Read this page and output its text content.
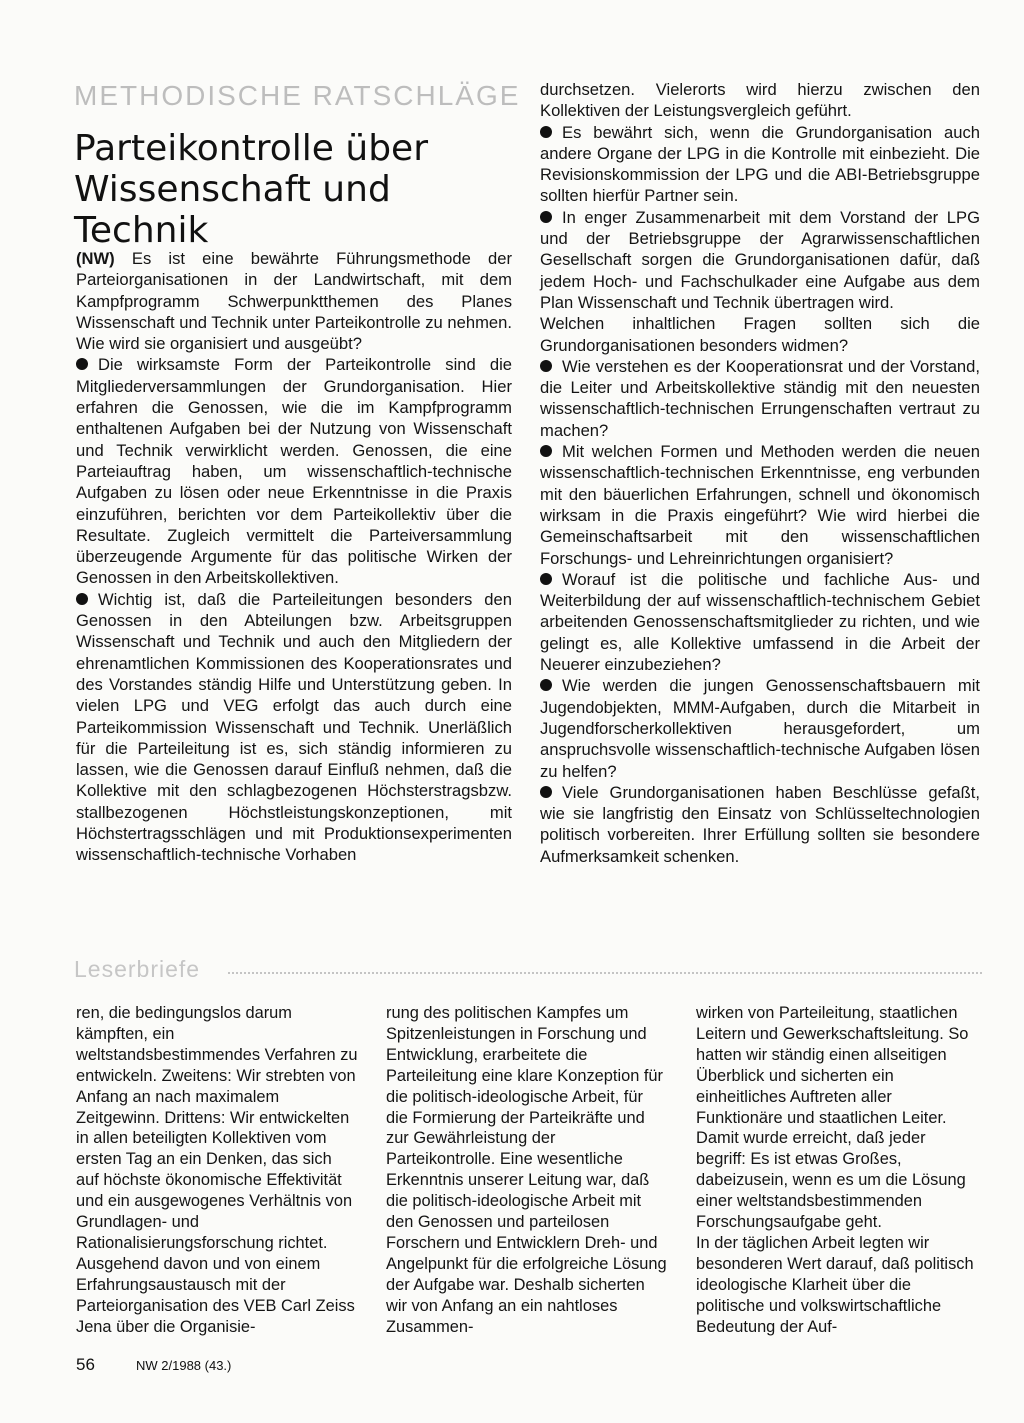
METHODISCHE RATSCHLÄGE
Parteikontrolle über Wissenschaft und Technik

(NW) Es ist eine bewährte Führungsmethode der Parteiorganisationen in der Landwirtschaft, mit dem Kampfprogramm Schwerpunktthemen des Planes Wissenschaft und Technik unter Parteikontrolle zu nehmen.

Wie wird sie organisiert und ausgeübt?

Die wirksamste Form der Parteikontrolle sind die Mitgliederversammlungen der Grundorganisation. Hier erfahren die Genossen, wie die im Kampfprogramm enthaltenen Aufgaben bei der Nutzung von Wissenschaft und Technik verwirklicht werden. Genossen, die eine Parteiauftrag haben, um wissenschaftlich-technische Aufgaben zu lösen oder neue Erkenntnisse in die Praxis einzuführen, berichten vor dem Parteikollektiv über die Resultate. Zugleich vermittelt die Parteiversammlung überzeugende Argumente für das politische Wirken der Genossen in den Arbeitskollektiven.

Wichtig ist, daß die Parteileitungen besonders den Genossen in den Abteilungen bzw. Arbeitsgruppen Wissenschaft und Technik und auch den Mitgliedern der ehrenamtlichen Kommissionen des Kooperationsrates und des Vorstandes ständig Hilfe und Unterstützung geben. In vielen LPG und VEG erfolgt das auch durch eine Parteikommission Wissenschaft und Technik. Unerläßlich für die Parteileitung ist es, sich ständig informieren zu lassen, wie die Genossen darauf Einfluß nehmen, daß die Kollektive mit den schlagbezogenen Höchsterstragsbzw. stallbezogenen Höchstleistungskonzeptionen, mit Höchstertragsschlägen und mit Produktionsexperimenten wissenschaftlich-technische Vorhaben

durchsetzen. Vielerorts wird hierzu zwischen den Kollektiven der Leistungsvergleich geführt.

Es bewährt sich, wenn die Grundorganisation auch andere Organe der LPG in die Kontrolle mit einbezieht. Die Revisionskommission der LPG und die ABI-Betriebsgruppe sollten hierfür Partner sein.

In enger Zusammenarbeit mit dem Vorstand der LPG und der Betriebsgruppe der Agrarwissenschaftlichen Gesellschaft sorgen die Grundorganisationen dafür, daß jedem Hoch- und Fachschulkader eine Aufgabe aus dem Plan Wissenschaft und Technik übertragen wird.

Welchen inhaltlichen Fragen sollten sich die Grundorganisationen besonders widmen?

Wie verstehen es der Kooperationsrat und der Vorstand, die Leiter und Arbeitskollektive ständig mit den neuesten wissenschaftlich-technischen Errungenschaften vertraut zu machen?

Mit welchen Formen und Methoden werden die neuen wissenschaftlich-technischen Erkenntnisse, eng verbunden mit den bäuerlichen Erfahrungen, schnell und ökonomisch wirksam in die Praxis eingeführt? Wie wird hierbei die Gemeinschaftsarbeit mit den wissenschaftlichen Forschungs- und Lehreinrichtungen organisiert?

Worauf ist die politische und fachliche Aus- und Weiterbildung der auf wissenschaftlich-technischem Gebiet arbeitenden Genossenschaftsmitglieder zu richten, und wie gelingt es, alle Kollektive umfassend in die Arbeit der Neuerer einzubeziehen?

Wie werden die jungen Genossenschaftsbauern mit Jugendobjekten, MMM-Aufgaben, durch die Mitarbeit in Jugendforscherkollektiven herausgefordert, um anspruchsvolle wissenschaftlich-technische Aufgaben lösen zu helfen?

Viele Grundorganisationen haben Beschlüsse gefaßt, wie sie langfristig den Einsatz von Schlüsseltechnologien politisch vorbereiten. Ihrer Erfüllung sollten sie besondere Aufmerksamkeit schenken.

Leserbriefe

ren, die bedingungslos darum kämpften, ein weltstandsbestimmendes Verfahren zu entwickeln. Zweitens: Wir strebten von Anfang an nach maximalem Zeitgewinn. Drittens: Wir entwickelten in allen beteiligten Kollektiven vom ersten Tag an ein Denken, das sich auf höchste ökonomische Effektivität und ein ausgewogenes Verhältnis von Grundlagen- und Rationalisierungsforschung richtet.

Ausgehend davon und von einem Erfahrungsaustausch mit der Parteiorganisation des VEB Carl Zeiss Jena über die Organisie-

rung des politischen Kampfes um Spitzenleistungen in Forschung und Entwicklung, erarbeitete die Parteileitung eine klare Konzeption für die politisch-ideologische Arbeit, für die Formierung der Parteikräfte und zur Gewährleistung der Parteikontrolle. Eine wesentliche Erkenntnis unserer Leitung war, daß die politisch-ideologische Arbeit mit den Genossen und parteilosen Forschern und Entwicklern Dreh- und Angelpunkt für die erfolgreiche Lösung der Aufgabe war. Deshalb sicherten wir von Anfang an ein nahtloses Zusammen-

wirken von Parteileitung, staatlichen Leitern und Gewerkschaftsleitung. So hatten wir ständig einen allseitigen Überblick und sicherten ein einheitliches Auftreten aller Funktionäre und staatlichen Leiter. Damit wurde erreicht, daß jeder begriff: Es ist etwas Großes, dabeizusein, wenn es um die Lösung einer weltstandsbestimmenden Forschungsaufgabe geht.

In der täglichen Arbeit legten wir besonderen Wert darauf, daß politisch ideologische Klarheit über die politische und volkswirtschaftliche Bedeutung der Auf-

56	NW 2/1988 (43.)
